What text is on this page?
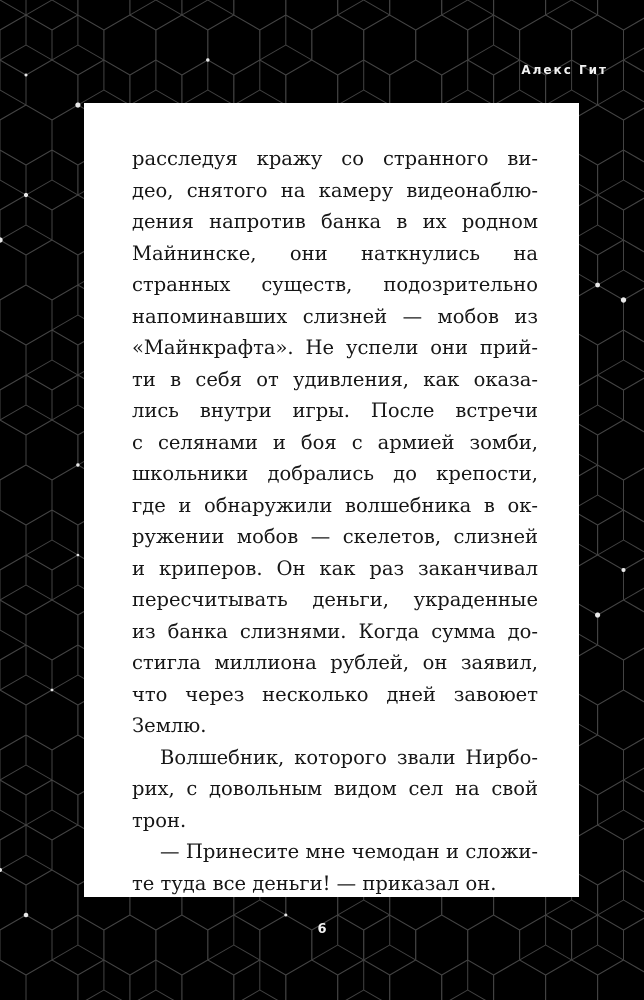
Алекс Гит
расследуя кражу со странного ви-
део, снятого на камеру видеонаблю-
дения напротив банка в их родном
Майнинске, они наткнулись на
странных существ, подозрительно
напоминавших слизней — мобов из
«Майнкрафта». Не успели они прий-
ти в себя от удивления, как оказа-
лись внутри игры. После встречи
с селянами и боя с армией зомби,
школьники добрались до крепости,
где и обнаружили волшебника в ок-
ружении мобов — скелетов, слизней
и криперов. Он как раз заканчивал
пересчитывать деньги, украденные
из банка слизнями. Когда сумма до-
стигла миллиона рублей, он заявил,
что через несколько дней завоюет
Землю.
Волшебник, которого звали Нирбо-
рих, с довольным видом сел на свой
трон.
— Принесите мне чемодан и сложи-
те туда все деньги! — приказал он.
6
